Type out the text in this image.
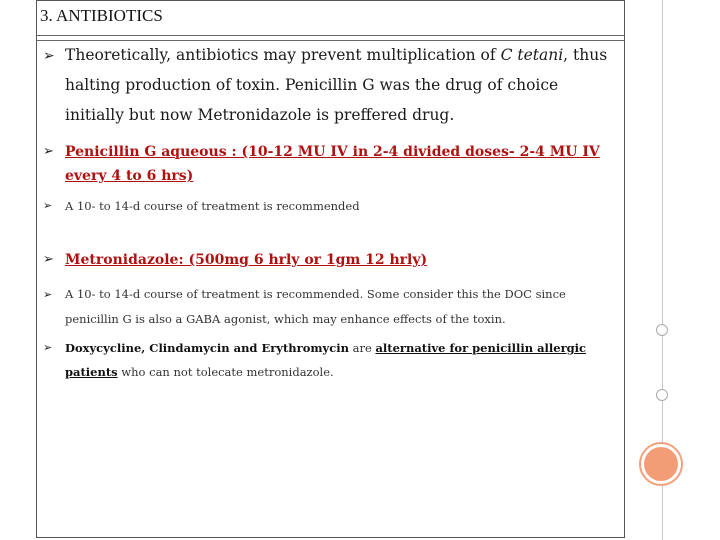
3. ANTIBIOTICS
➢ Theoretically, antibiotics may prevent multiplication of C tetani, thus halting production of toxin. Penicillin G was the drug of choice initially but now Metronidazole is preffered drug.
➢ Penicillin G aqueous : (10-12 MU IV in 2-4 divided doses- 2-4 MU IV every 4 to 6 hrs)
➢ A 10- to 14-d course of treatment is recommended
➢ Metronidazole: (500mg 6 hrly or 1gm 12 hrly)
➢ A 10- to 14-d course of treatment is recommended. Some consider this the DOC since penicillin G is also a GABA agonist, which may enhance effects of the toxin.
➢ Doxycycline, Clindamycin and Erythromycin are alternative for penicillin allergic patients who can not tolecate metronidazole.
